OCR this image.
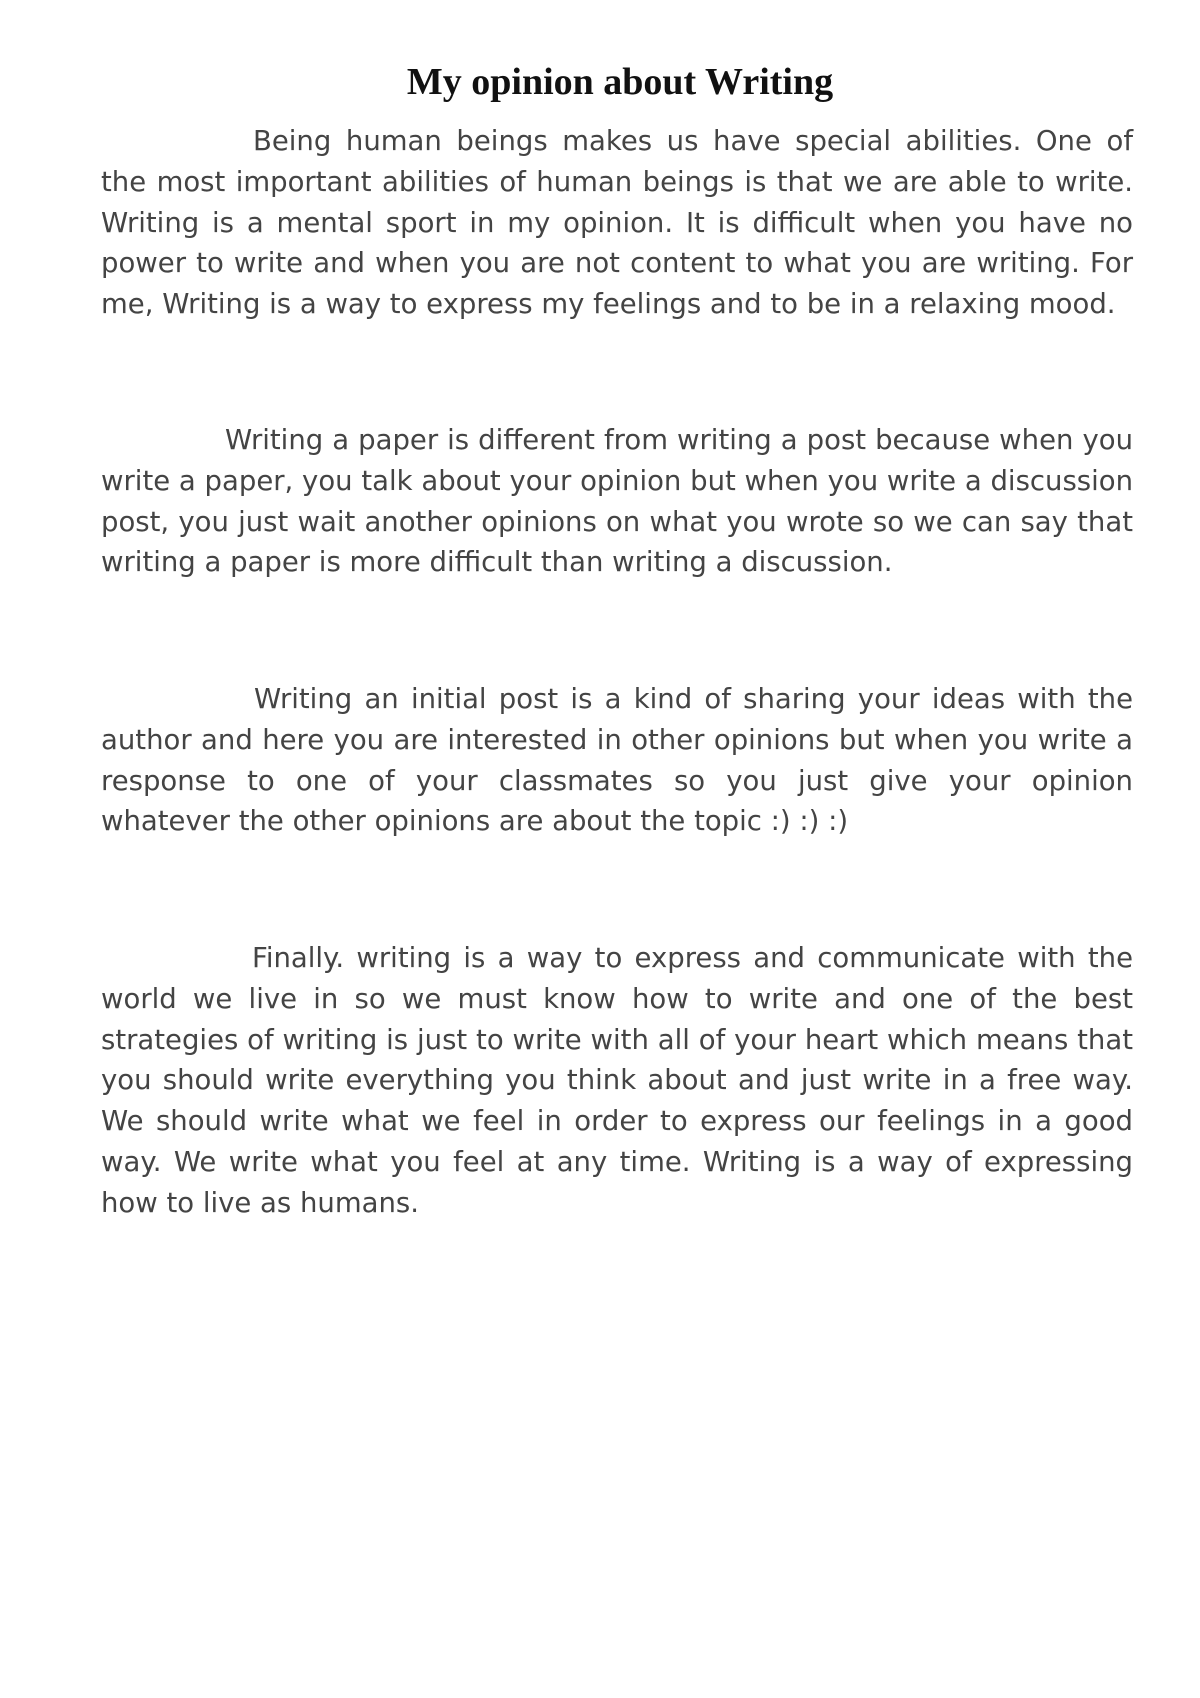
My opinion about Writing

Being human beings makes us have special abilities. One of the most important abilities of human beings is that we are able to write. Writing is a mental sport in my opinion. It is difficult when you have no power to write and when you are not content to what you are writing. For me, Writing is a way to express my feelings and to be in a relaxing mood.

Writing a paper is different from writing a post because when you write a paper, you talk about your opinion but when you write a discussion post, you just wait another opinions on what you wrote so we can say that writing a paper is more difficult than writing a discussion.

Writing an initial post is a kind of sharing your ideas with the author and here you are interested in other opinions but when you write a response to one of your classmates so you just give your opinion whatever the other opinions are about the topic :) :) :)

Finally. writing is a way to express and communicate with the world we live in so we must know how to write and one of the best strategies of writing is just to write with all of your heart which means that you should write everything you think about and just write in a free way. We should write what we feel in order to express our feelings in a good way. We write what you feel at any time. Writing is a way of expressing how to live as humans.
